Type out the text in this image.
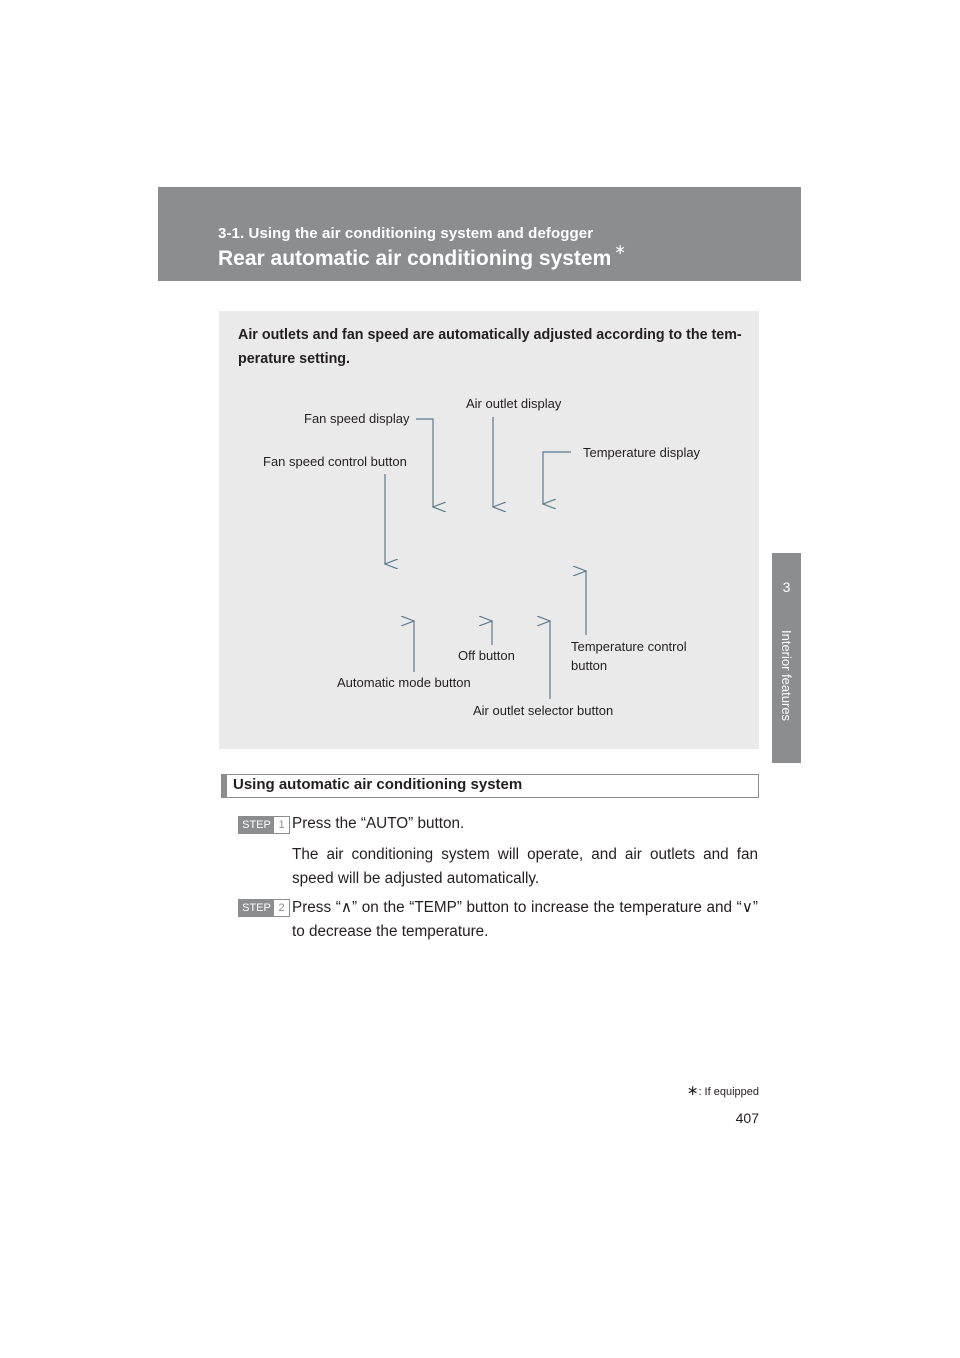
3-1. Using the air conditioning system and defogger
Rear automatic air conditioning system ∗
3
Interior features
Air outlets and fan speed are automatically adjusted according to the tem-perature setting.
Fan speed display
Air outlet display
Temperature display
Fan speed control button
Off button
Temperature control
button
Automatic mode button
Air outlet selector button
Using automatic air conditioning system
STEP 1 Press the “AUTO” button.
The air conditioning system will operate, and air outlets and fan speed will be adjusted automatically.
STEP 2 Press “∧” on the “TEMP” button to increase the temperature and “∨” to decrease the temperature.
∗: If equipped
407
